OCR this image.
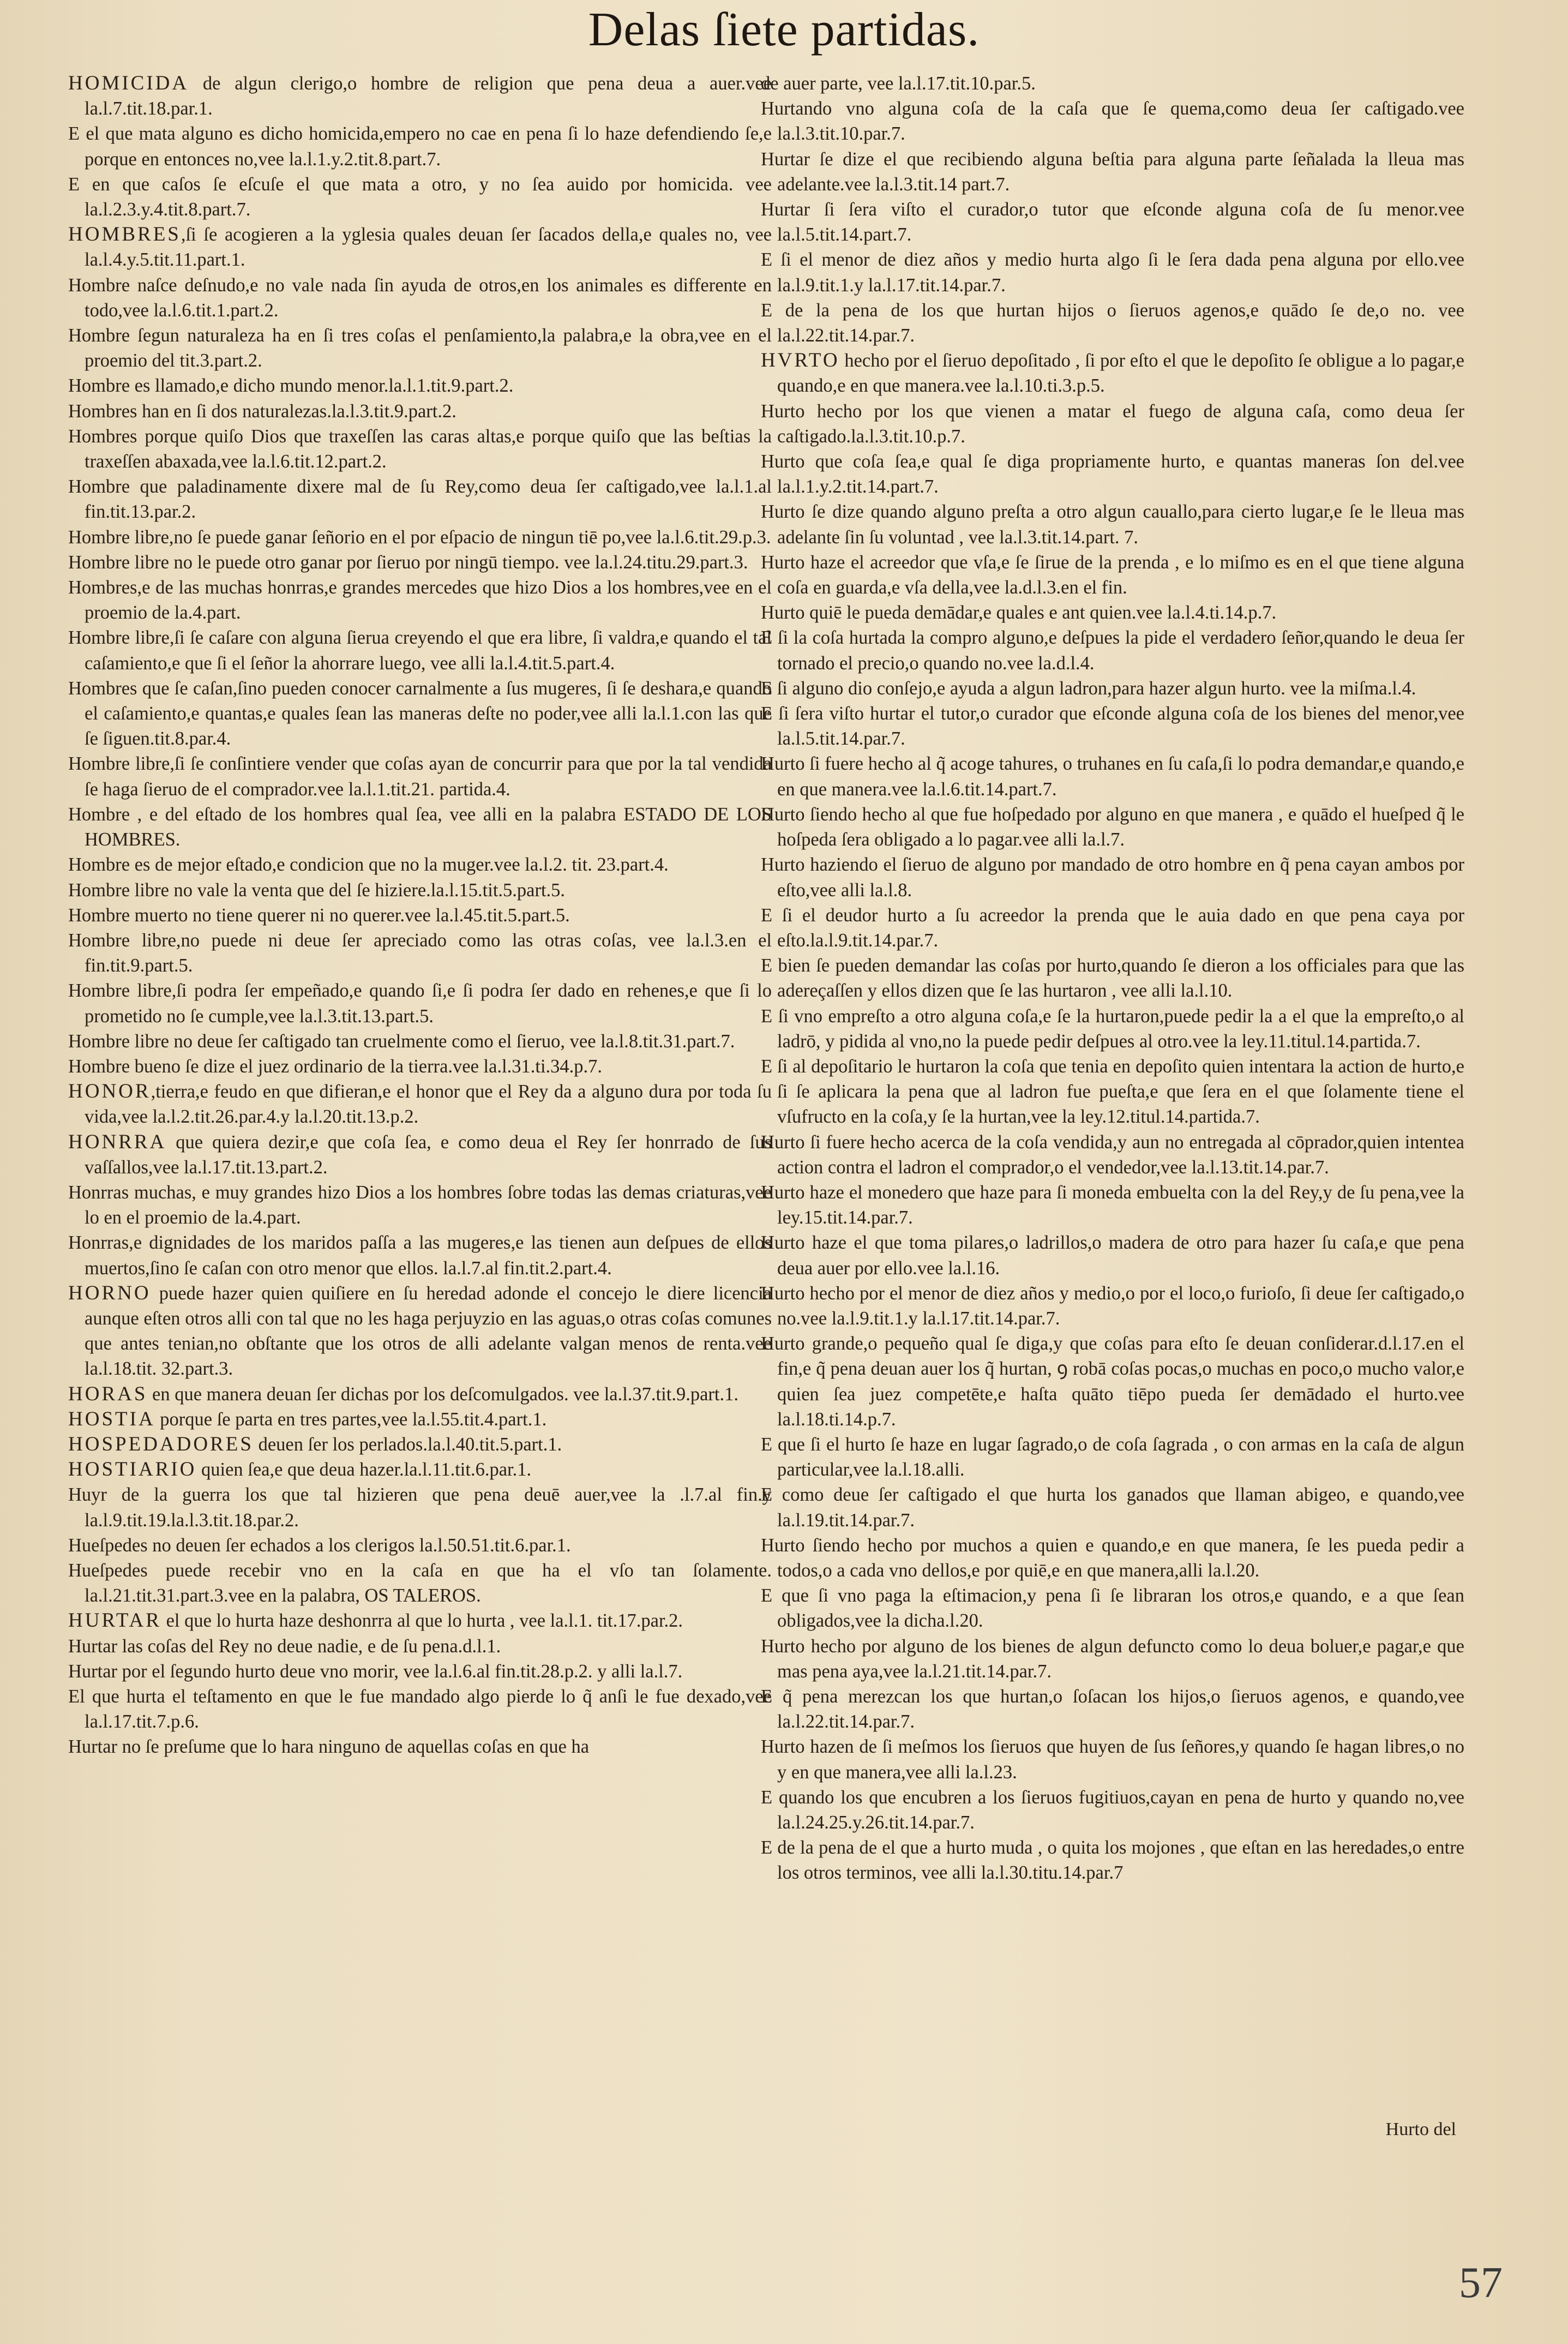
Delas ſiete partidas.

HOMICIDA de algun clerigo,o hombre de religion que pena deua a auer.vee la.l.7.tit.18.par.1.

E el que mata alguno es dicho homicida,empero no cae en pena ſi lo haze defendiendo ſe,e porque en entonces no,vee la.l.1.y.2.tit.8.part.7.

E en que caſos ſe eſcuſe el que mata a otro, y no ſea auido por homicida. vee la.l.2.3.y.4.tit.8.part.7.

HOMBRES,ſi ſe acogieren a la yglesia quales deuan ſer ſacados della,e quales no, vee la.l.4.y.5.tit.11.part.1.

Hombre naſce deſnudo,e no vale nada ſin ayuda de otros,en los animales es differente en todo,vee la.l.6.tit.1.part.2.

Hombre ſegun naturaleza ha en ſi tres coſas el penſamiento,la palabra,e la obra,vee en el proemio del tit.3.part.2.

Hombre es llamado,e dicho mundo menor.la.l.1.tit.9.part.2.

Hombres han en ſi dos naturalezas.la.l.3.tit.9.part.2.

Hombres porque quiſo Dios que traxeſſen las caras altas,e porque quiſo que las beſtias la traxeſſen abaxada,vee la.l.6.tit.12.part.2.

Hombre que paladinamente dixere mal de ſu Rey,como deua ſer caſtigado,vee la.l.1.al fin.tit.13.par.2.

Hombre libre,no ſe puede ganar ſeñorio en el por eſpacio de ningun tiē po,vee la.l.6.tit.29.p.3.

Hombre libre no le puede otro ganar por ſieruo por ningū tiempo. vee la.l.24.titu.29.part.3.

Hombres,e de las muchas honrras,e grandes mercedes que hizo Dios a los hombres,vee en el proemio de la.4.part.

Hombre libre,ſi ſe caſare con alguna ſierua creyendo el que era libre, ſi valdra,e quando el tal caſamiento,e que ſi el ſeñor la ahorrare luego, vee alli la.l.4.tit.5.part.4.

Hombres que ſe caſan,ſino pueden conocer carnalmente a ſus mugeres, ſi ſe deshara,e quando el caſamiento,e quantas,e quales ſean las maneras deſte no poder,vee alli la.l.1.con las que ſe ſiguen.tit.8.par.4.

Hombre libre,ſi ſe conſintiere vender que coſas ayan de concurrir para que por la tal vendida ſe haga ſieruo de el comprador.vee la.l.1.tit.21. partida.4.

Hombre , e del eſtado de los hombres qual ſea, vee alli en la palabra ESTADO DE LOS HOMBRES.

Hombre es de mejor eſtado,e condicion que no la muger.vee la.l.2. tit. 23.part.4.

Hombre libre no vale la venta que del ſe hiziere.la.l.15.tit.5.part.5.

Hombre muerto no tiene querer ni no querer.vee la.l.45.tit.5.part.5.

Hombre libre,no puede ni deue ſer apreciado como las otras coſas, vee la.l.3.en el fin.tit.9.part.5.

Hombre libre,ſi podra ſer empeñado,e quando ſi,e ſi podra ſer dado en rehenes,e que ſi lo prometido no ſe cumple,vee la.l.3.tit.13.part.5.

Hombre libre no deue ſer caſtigado tan cruelmente como el ſieruo, vee la.l.8.tit.31.part.7.

Hombre bueno ſe dize el juez ordinario de la tierra.vee la.l.31.ti.34.p.7.

HONOR,tierra,e feudo en que difieran,e el honor que el Rey da a alguno dura por toda ſu vida,vee la.l.2.tit.26.par.4.y la.l.20.tit.13.p.2.

HONRRA que quiera dezir,e que coſa ſea, e como deua el Rey ſer honrrado de ſus vaſſallos,vee la.l.17.tit.13.part.2.

Honrras muchas, e muy grandes hizo Dios a los hombres ſobre todas las demas criaturas,vee lo en el proemio de la.4.part.

Honrras,e dignidades de los maridos paſſa a las mugeres,e las tienen aun deſpues de ellos muertos,ſino ſe caſan con otro menor que ellos. la.l.7.al fin.tit.2.part.4.

HORNO puede hazer quien quiſiere en ſu heredad adonde el concejo le diere licencia aunque eſten otros alli con tal que no les haga perjuyzio en las aguas,o otras coſas comunes que antes tenian,no obſtante que los otros de alli adelante valgan menos de renta.vee la.l.18.tit. 32.part.3.

HORAS en que manera deuan ſer dichas por los deſcomulgados. vee la.l.37.tit.9.part.1.

HOSTIA porque ſe parta en tres partes,vee la.l.55.tit.4.part.1.

HOSPEDADORES deuen ſer los perlados.la.l.40.tit.5.part.1.

HOSTIARIO quien ſea,e que deua hazer.la.l.11.tit.6.par.1.

Huyr de la guerra los que tal hizieren que pena deuē auer,vee la .l.7.al fin.y la.l.9.tit.19.la.l.3.tit.18.par.2.

Hueſpedes no deuen ſer echados a los clerigos la.l.50.51.tit.6.par.1.

Hueſpedes puede recebir vno en la caſa en que ha el vſo tan ſolamente. la.l.21.tit.31.part.3.vee en la palabra, OS TALEROS.

HURTAR el que lo hurta haze deshonrra al que lo hurta , vee la.l.1. tit.17.par.2.

Hurtar las coſas del Rey no deue nadie, e de ſu pena.d.l.1.

Hurtar por el ſegundo hurto deue vno morir, vee la.l.6.al fin.tit.28.p.2. y alli la.l.7.

El que hurta el teſtamento en que le fue mandado algo pierde lo q̃ anſi le fue dexado,vee la.l.17.tit.7.p.6.

Hurtar no ſe preſume que lo hara ninguno de aquellas coſas en que ha

de auer parte, vee la.l.17.tit.10.par.5.

Hurtando vno alguna coſa de la caſa que ſe quema,como deua ſer caſtigado.vee la.l.3.tit.10.par.7.

Hurtar ſe dize el que recibiendo alguna beſtia para alguna parte ſeñalada la lleua mas adelante.vee la.l.3.tit.14 part.7.

Hurtar ſi ſera viſto el curador,o tutor que eſconde alguna coſa de ſu menor.vee la.l.5.tit.14.part.7.

E ſi el menor de diez años y medio hurta algo ſi le ſera dada pena alguna por ello.vee la.l.9.tit.1.y la.l.17.tit.14.par.7.

E de la pena de los que hurtan hijos o ſieruos agenos,e quādo ſe de,o no. vee la.l.22.tit.14.par.7.

HVRTO hecho por el ſieruo depoſitado , ſi por eſto el que le depoſito ſe obligue a lo pagar,e quando,e en que manera.vee la.l.10.ti.3.p.5.

Hurto hecho por los que vienen a matar el fuego de alguna caſa, como deua ſer caſtigado.la.l.3.tit.10.p.7.

Hurto que coſa ſea,e qual ſe diga propriamente hurto, e quantas maneras ſon del.vee la.l.1.y.2.tit.14.part.7.

Hurto ſe dize quando alguno preſta a otro algun cauallo,para cierto lugar,e ſe le lleua mas adelante ſin ſu voluntad , vee la.l.3.tit.14.part. 7.

Hurto haze el acreedor que vſa,e ſe ſirue de la prenda , e lo miſmo es en el que tiene alguna coſa en guarda,e vſa della,vee la.d.l.3.en el fin.

Hurto quiē le pueda demādar,e quales e ant quien.vee la.l.4.ti.14.p.7.

E ſi la coſa hurtada la compro alguno,e deſpues la pide el verdadero ſeñor,quando le deua ſer tornado el precio,o quando no.vee la.d.l.4.

E ſi alguno dio conſejo,e ayuda a algun ladron,para hazer algun hurto. vee la miſma.l.4.

E ſi ſera viſto hurtar el tutor,o curador que eſconde alguna coſa de los bienes del menor,vee la.l.5.tit.14.par.7.

Hurto ſi fuere hecho al q̃ acoge tahures, o truhanes en ſu caſa,ſi lo podra demandar,e quando,e en que manera.vee la.l.6.tit.14.part.7.

Hurto ſiendo hecho al que fue hoſpedado por alguno en que manera , e quādo el hueſped q̃ le hoſpeda ſera obligado a lo pagar.vee alli la.l.7.

Hurto haziendo el ſieruo de alguno por mandado de otro hombre en q̃ pena cayan ambos por eſto,vee alli la.l.8.

E ſi el deudor hurto a ſu acreedor la prenda que le auia dado en que pena caya por eſto.la.l.9.tit.14.par.7.

E bien ſe pueden demandar las coſas por hurto,quando ſe dieron a los officiales para que las adereçaſſen y ellos dizen que ſe las hurtaron , vee alli la.l.10.

E ſi vno empreſto a otro alguna coſa,e ſe la hurtaron,puede pedir la a el que la empreſto,o al ladrō, y pidida al vno,no la puede pedir deſpues al otro.vee la ley.11.titul.14.partida.7.

E ſi al depoſitario le hurtaron la coſa que tenia en depoſito quien intentara la action de hurto,e ſi ſe aplicara la pena que al ladron fue pueſta,e que ſera en el que ſolamente tiene el vſufructo en la coſa,y ſe la hurtan,vee la ley.12.titul.14.partida.7.

Hurto ſi fuere hecho acerca de la coſa vendida,y aun no entregada al cōprador,quien intentea action contra el ladron el comprador,o el vendedor,vee la.l.13.tit.14.par.7.

Hurto haze el monedero que haze para ſi moneda embuelta con la del Rey,y de ſu pena,vee la ley.15.tit.14.par.7.

Hurto haze el que toma pilares,o ladrillos,o madera de otro para hazer ſu caſa,e que pena deua auer por ello.vee la.l.16.

Hurto hecho por el menor de diez años y medio,o por el loco,o furioſo, ſi deue ſer caſtigado,o no.vee la.l.9.tit.1.y la.l.17.tit.14.par.7.

Hurto grande,o pequeño qual ſe diga,y que coſas para eſto ſe deuan conſiderar.d.l.17.en el fin,e q̃ pena deuan auer los q̃ hurtan, ꝯ robā coſas pocas,o muchas en poco,o mucho valor,e quien ſea juez competēte,e haſta quāto tiēpo pueda ſer demādado el hurto.vee la.l.18.ti.14.p.7.

E que ſi el hurto ſe haze en lugar ſagrado,o de coſa ſagrada , o con armas en la caſa de algun particular,vee la.l.18.alli.

E como deue ſer caſtigado el que hurta los ganados que llaman abigeo, e quando,vee la.l.19.tit.14.par.7.

Hurto ſiendo hecho por muchos a quien e quando,e en que manera, ſe les pueda pedir a todos,o a cada vno dellos,e por quiē,e en que manera,alli la.l.20.

E que ſi vno paga la eſtimacion,y pena ſi ſe libraran los otros,e quando, e a que ſean obligados,vee la dicha.l.20.

Hurto hecho por alguno de los bienes de algun defuncto como lo deua boluer,e pagar,e que mas pena aya,vee la.l.21.tit.14.par.7.

E q̃ pena merezcan los que hurtan,o ſoſacan los hijos,o ſieruos agenos, e quando,vee la.l.22.tit.14.par.7.

Hurto hazen de ſi meſmos los ſieruos que huyen de ſus ſeñores,y quando ſe hagan libres,o no y en que manera,vee alli la.l.23.

E quando los que encubren a los ſieruos fugitiuos,cayan en pena de hurto y quando no,vee la.l.24.25.y.26.tit.14.par.7.

E de la pena de el que a hurto muda , o quita los mojones , que eſtan en las heredades,o entre los otros terminos, vee alli la.l.30.titu.14.par.7

Hurto del
57
